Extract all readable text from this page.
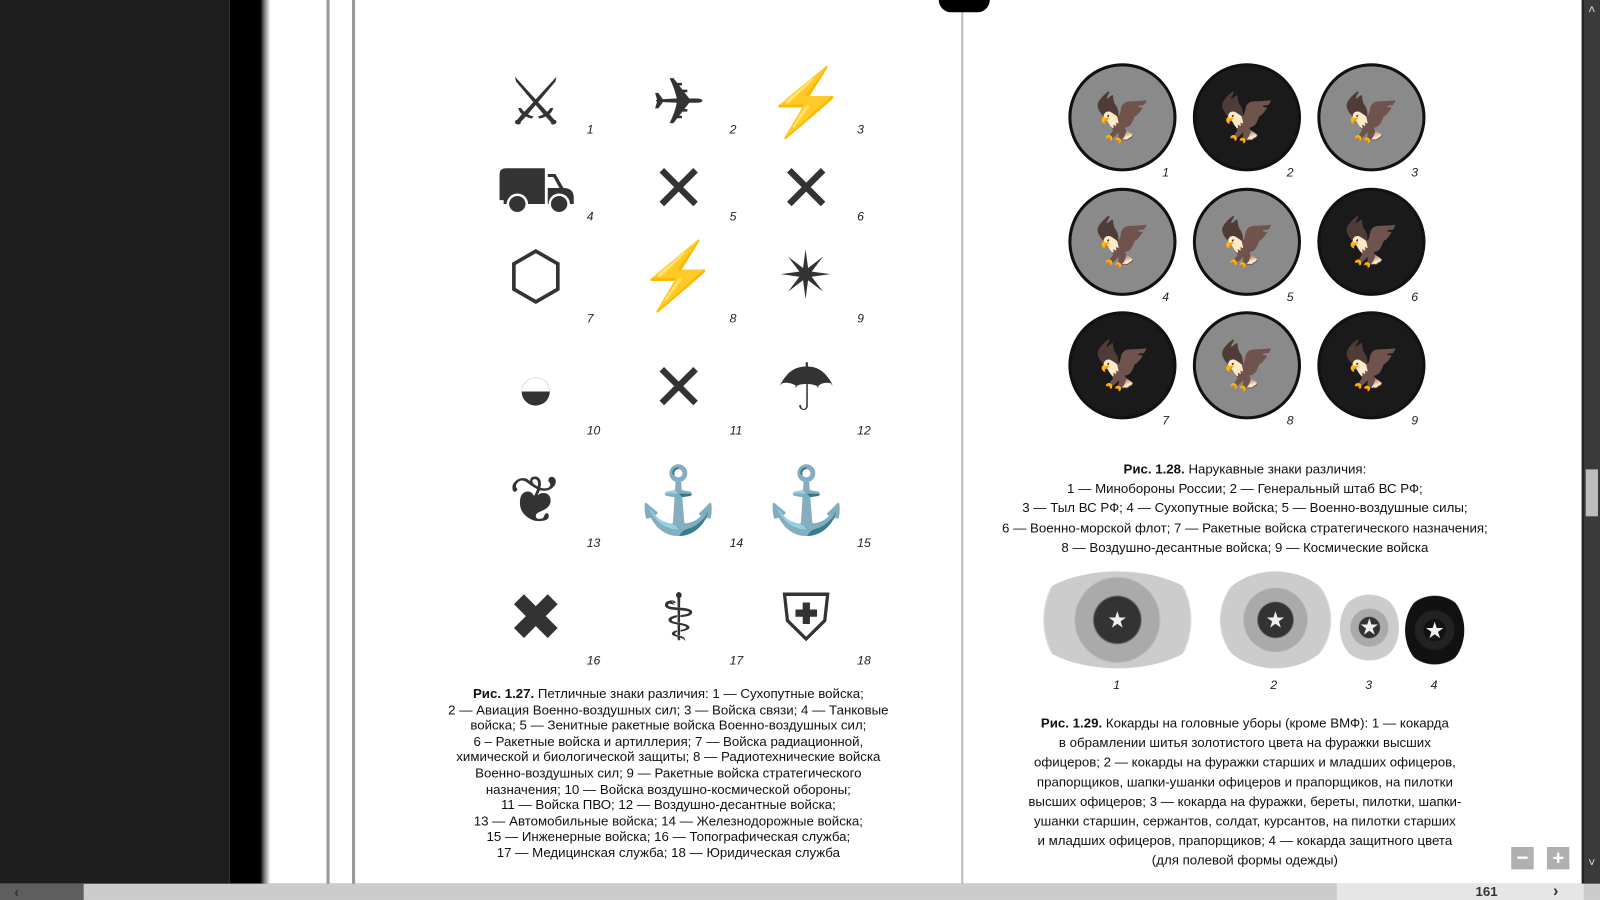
⚔	1 ✈	2 ⚡ 3
⛟ 4 ✕	5 ✕	6
⬡
7
⚡
8
✴
9
◒
10
✕
11
☂
12
❦
13
⚓
14
⚓
15
✖
16
⚕
17
⛨
18
Рис. 1.27. Петличные знаки различия: 1 — Сухопутные войска;
2 — Авиация Военно-воздушных сил; 3 — Войска связи; 4 — Танковые
войска; 5 — Зенитные ракетные войска Военно-воздушных сил;
6 – Ракетные войска и артиллерия; 7 — Войска радиационной,
химической и биологической защиты; 8 — Радиотехнические войска
Военно-воздушных сил; 9 — Ракетные войска стратегического
назначения; 10 — Войска воздушно-космической обороны;
11 — Войска ПВО; 12 — Воздушно-десантные войска;
13 — Автомобильные войска; 14 — Железнодорожные войска;
15 — Инженерные войска; 16 — Топографическая служба;
17 — Медицинская служба; 18 — Юридическая служба
🦅
1
🦅
2
🦅
3
🦅
4
🦅
5
🦅
6
🦅
7
🦅
8
🦅
9
Рис. 1.28. Нарукавные знаки различия:
1 — Минобороны России; 2 — Генеральный штаб ВС РФ;
3 — Тыл ВС РФ; 4 — Сухопутные войска; 5 — Военно-воздушные силы;
6 — Военно-морской флот; 7 — Ракетные войска стратегического назначения;
8 — Воздушно-десантные войска; 9 — Космические войска
★
1
★
2
★
3
★
4
Рис. 1.29. Кокарды на головные уборы (кроме ВМФ): 1 — кокарда
в обрамлении шитья золотистого цвета на фуражки высших
офицеров; 2 — кокарды на фуражки старших и младших офицеров,
прапорщиков, шапки-ушанки офицеров и прапорщиков, на пилотки
высших офицеров; 3 — кокарда на фуражки, береты, пилотки, шапки-
ушанки старшин, сержантов, солдат, курсантов, на пилотки старших
и младших офицеров, прапорщиков; 4 — кокарда защитного цвета
(для полевой формы одежды)
˄
˅
− +
‹	161	›
